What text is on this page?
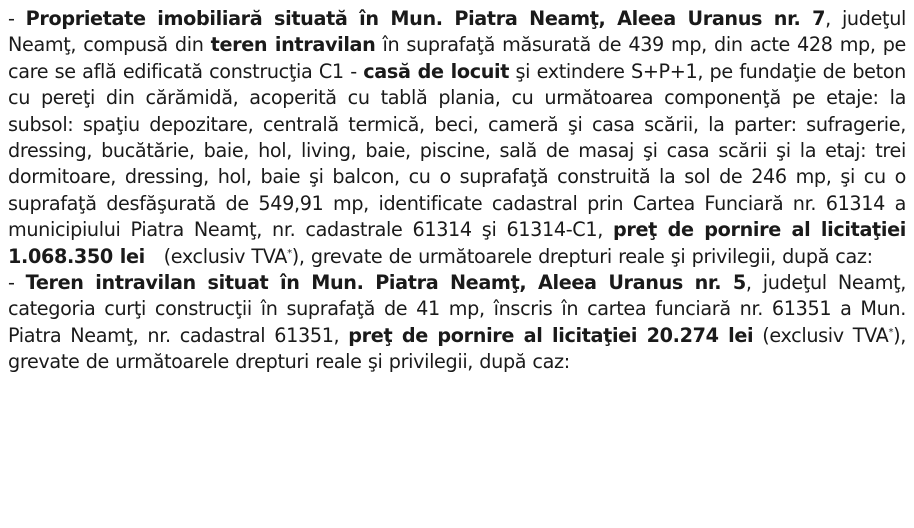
- Proprietate imobiliară situată în Mun. Piatra Neamţ, Aleea Uranus nr. 7, judeţul Neamţ, compusă din teren intravilan în suprafaţă măsurată de 439 mp, din acte 428 mp, pe care se află edificată construcţia C1 - casă de locuit şi extindere S+P+1, pe fundaţie de beton cu pereţi din cărămidă, acoperită cu tablă plania, cu următoarea componenţă pe etaje: la subsol: spaţiu depozitare, centrală termică, beci, cameră şi casa scării, la parter: sufragerie, dressing, bucătărie, baie, hol, living, baie, piscine, sală de masaj şi casa scării şi la etaj: trei dormitoare, dressing, hol, baie şi balcon, cu o suprafaţă construită la sol de 246 mp, şi cu o suprafaţă desfăşurată de 549,91 mp, identificate cadastral prin Cartea Funciară nr. 61314 a municipiului Piatra Neamţ, nr. cadastrale 61314 şi 61314-C1, preţ de pornire al licitaţiei 1.068.350 lei   (exclusiv TVA*), grevate de următoarele drepturi reale şi privilegii, după caz:

- Teren intravilan situat în Mun. Piatra Neamţ, Aleea Uranus nr. 5, judeţul Neamţ, categoria curţi construcţii în suprafaţă de 41 mp, înscris în cartea funciară nr. 61351 a Mun. Piatra Neamţ, nr. cadastral 61351, preţ de pornire al licitaţiei 20.274 lei (exclusiv TVA*), grevate de următoarele drepturi reale şi privilegii, după caz:
